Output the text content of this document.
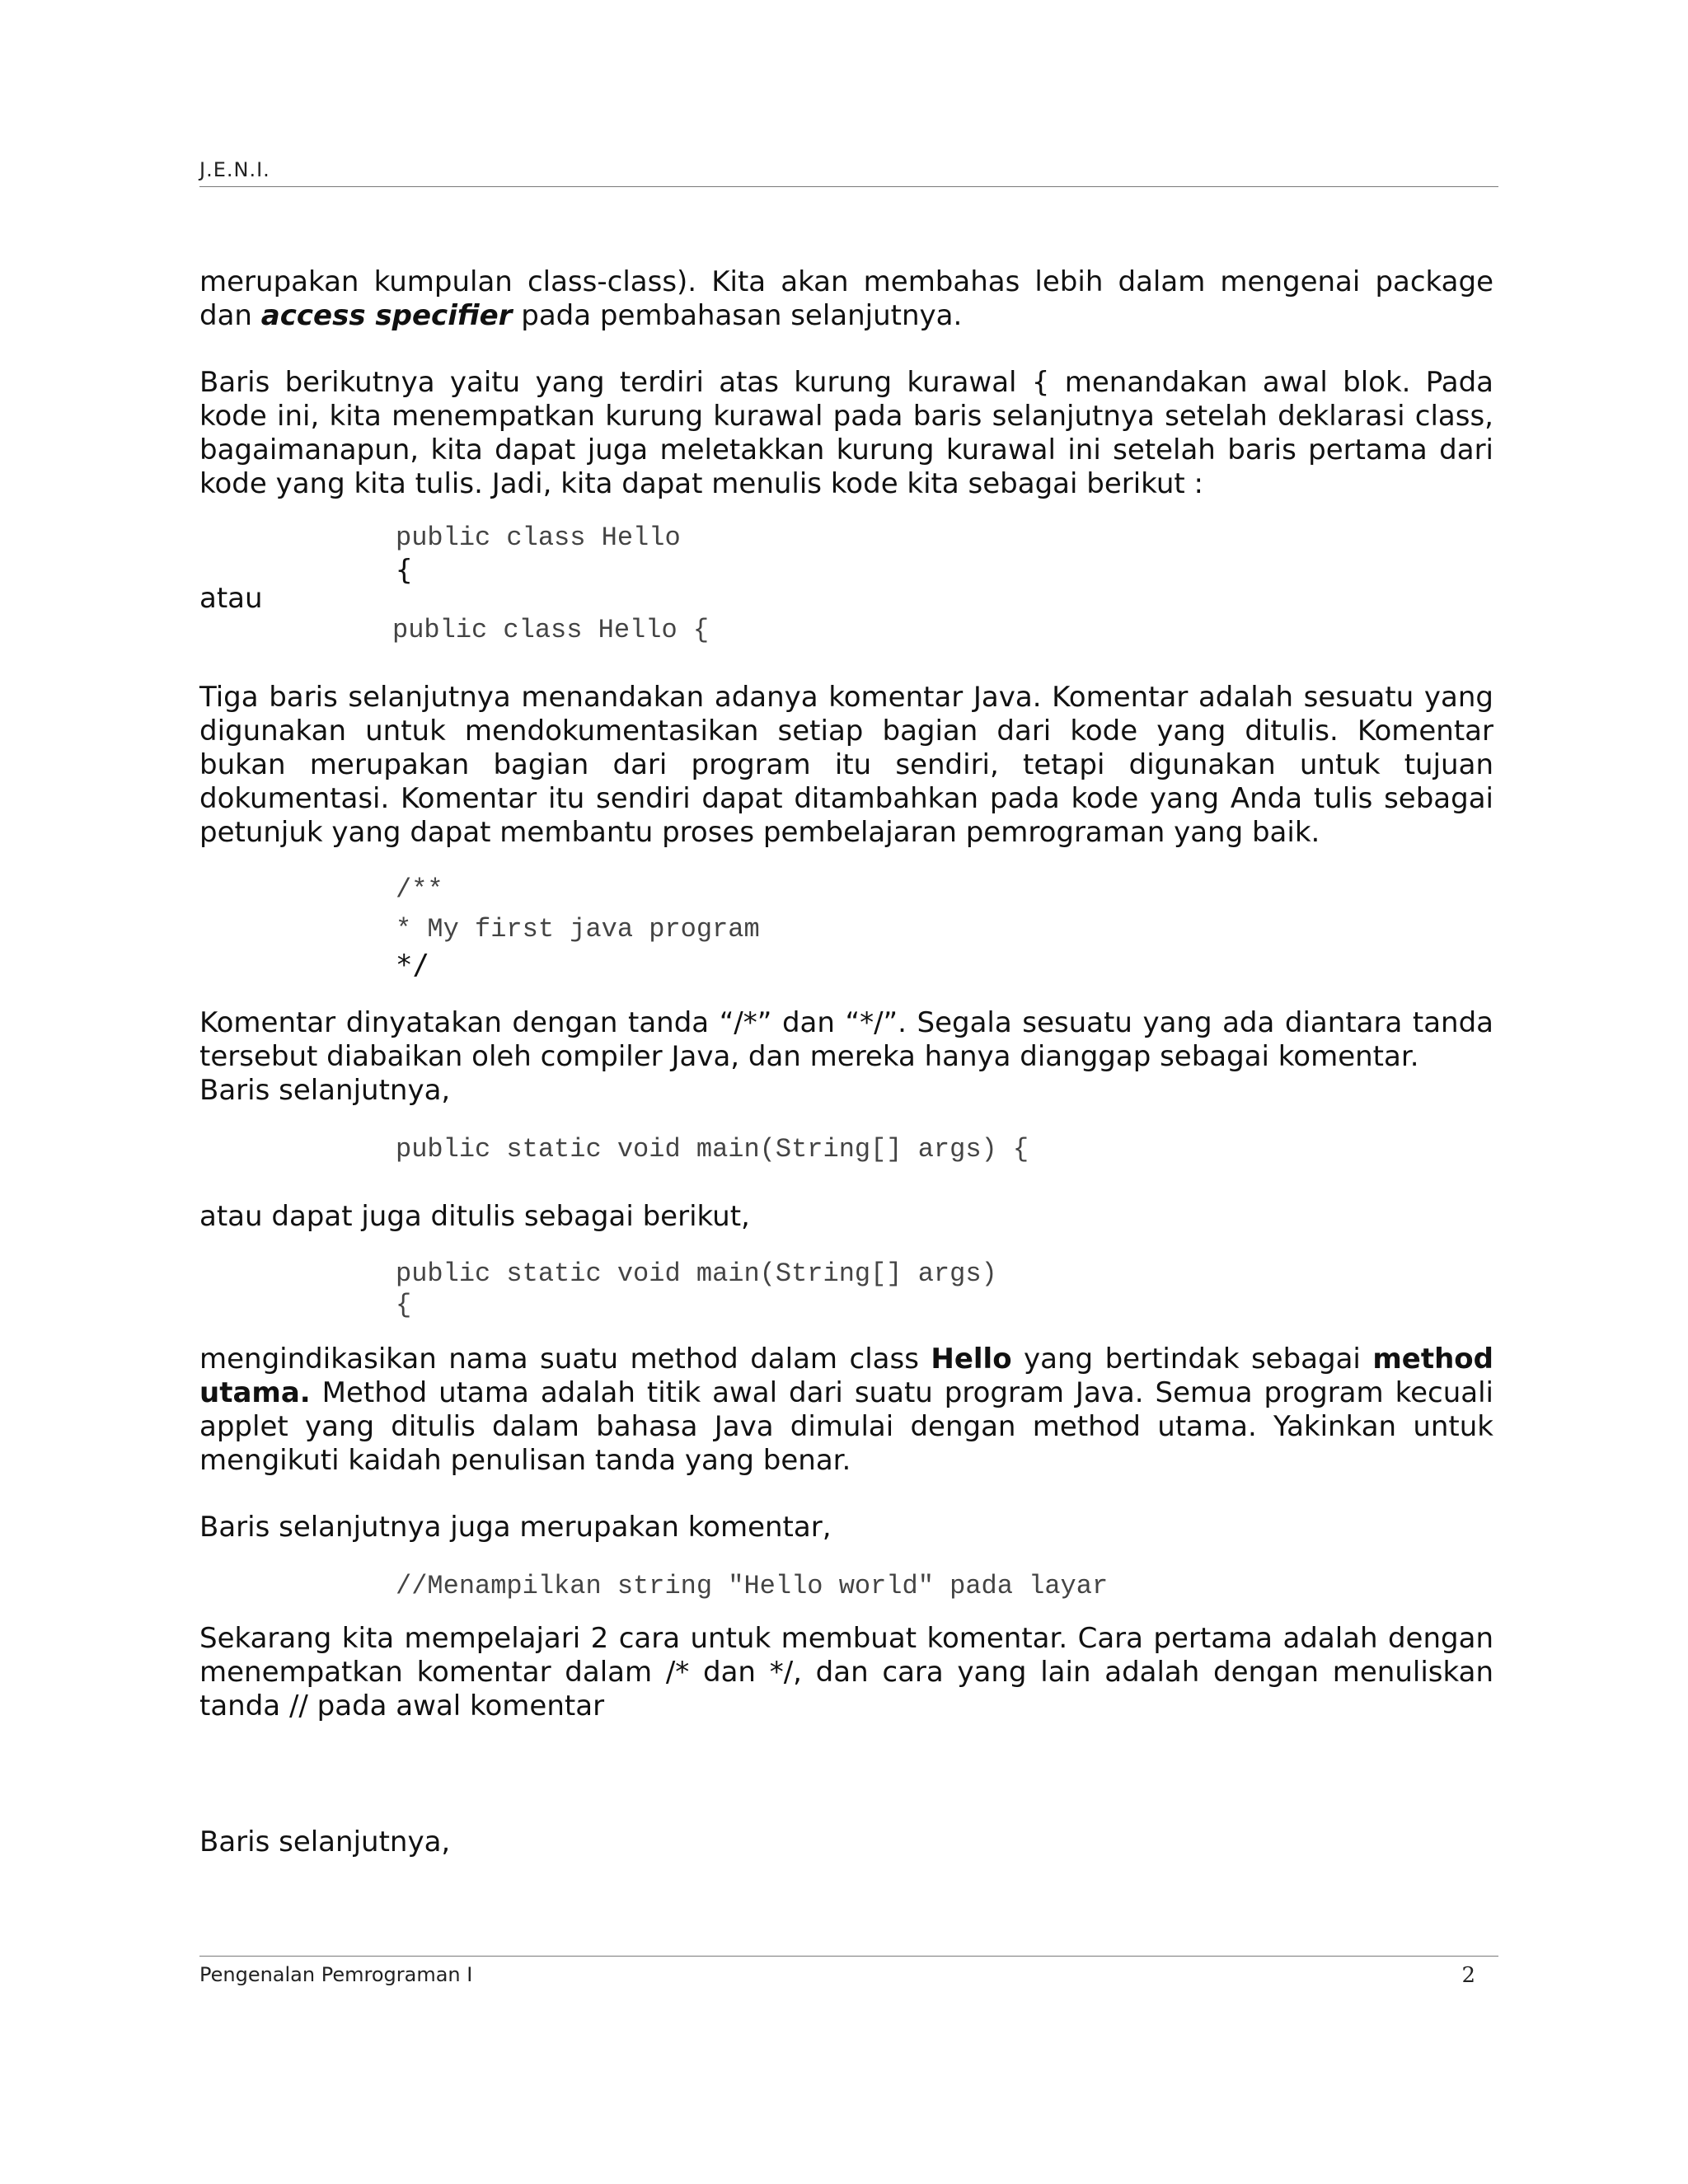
J.E.N.I.

merupakan kumpulan class-class). Kita akan membahas lebih dalam mengenai package dan access specifier pada pembahasan selanjutnya.

Baris berikutnya yaitu yang terdiri atas kurung kurawal { menandakan awal blok. Pada kode ini, kita menempatkan kurung kurawal pada baris selanjutnya setelah deklarasi class, bagaimanapun, kita dapat juga meletakkan kurung kurawal ini setelah baris pertama dari kode yang kita tulis. Jadi, kita dapat menulis kode kita sebagai berikut :

public class Hello

{

atau

public class Hello {

Tiga baris selanjutnya menandakan adanya komentar Java. Komentar adalah sesuatu yang digunakan untuk mendokumentasikan setiap bagian dari kode yang ditulis. Komentar bukan merupakan bagian dari program itu sendiri, tetapi digunakan untuk tujuan dokumentasi. Komentar itu sendiri dapat ditambahkan pada kode yang Anda tulis sebagai petunjuk yang dapat membantu proses pembelajaran pemrograman yang baik.

/**

* My first java program

*/

Komentar dinyatakan dengan tanda “/*” dan “*/”. Segala sesuatu yang ada diantara tanda tersebut diabaikan oleh compiler Java, dan mereka hanya dianggap sebagai komentar.

Baris selanjutnya,

public static void main(String[] args) {

atau dapat juga ditulis sebagai berikut,

public static void main(String[] args)

{

mengindikasikan nama suatu method dalam class Hello yang bertindak sebagai method utama. Method utama adalah titik awal dari suatu program Java. Semua program kecuali applet yang ditulis dalam bahasa Java dimulai dengan method utama. Yakinkan untuk mengikuti kaidah penulisan tanda yang benar.

Baris selanjutnya juga merupakan komentar,

//Menampilkan string "Hello world" pada layar

Sekarang kita mempelajari 2 cara untuk membuat komentar. Cara pertama adalah dengan menempatkan komentar dalam /* dan */, dan cara yang lain adalah dengan menuliskan tanda // pada awal komentar

Baris selanjutnya,

Pengenalan Pemrograman I	2
